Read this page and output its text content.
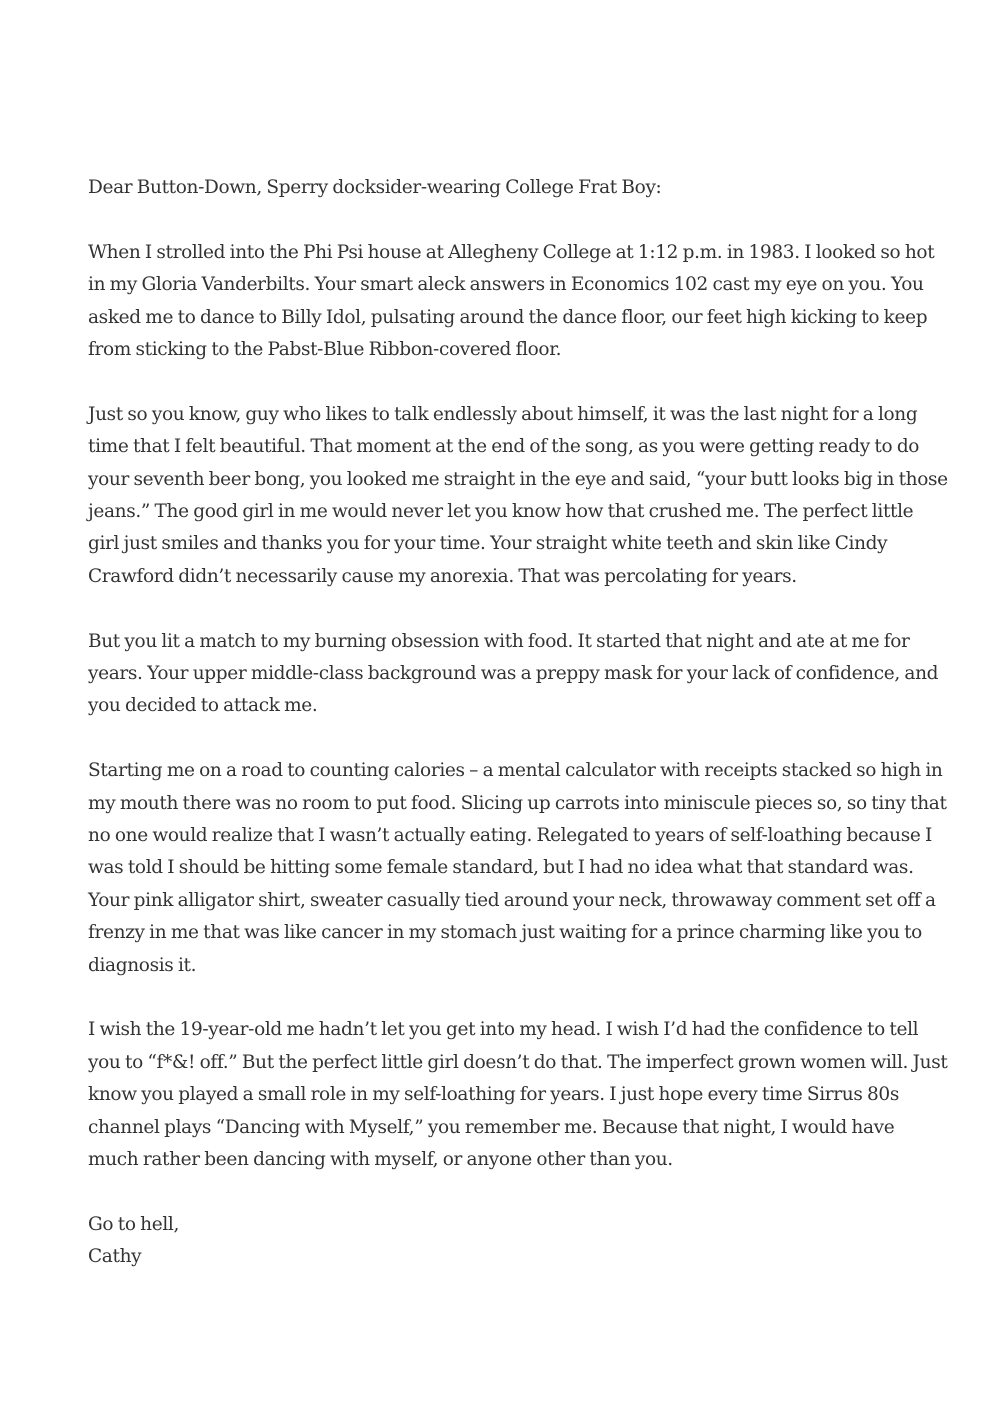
Dear Button-Down, Sperry docksider-wearing College Frat Boy:

When I strolled into the Phi Psi house at Allegheny College at 1:12 p.m. in 1983. I looked so hot in my Gloria Vanderbilts. Your smart aleck answers in Economics 102 cast my eye on you. You asked me to dance to Billy Idol, pulsating around the dance floor, our feet high kicking to keep from sticking to the Pabst-Blue Ribbon-covered floor.

Just so you know, guy who likes to talk endlessly about himself, it was the last night for a long time that I felt beautiful. That moment at the end of the song, as you were getting ready to do your seventh beer bong, you looked me straight in the eye and said, “your butt looks big in those jeans.” The good girl in me would never let you know how that crushed me. The perfect little girl just smiles and thanks you for your time. Your straight white teeth and skin like Cindy Crawford didn’t necessarily cause my anorexia. That was percolating for years.

But you lit a match to my burning obsession with food. It started that night and ate at me for years. Your upper middle-class background was a preppy mask for your lack of confidence, and you decided to attack me.

Starting me on a road to counting calories – a mental calculator with receipts stacked so high in my mouth there was no room to put food. Slicing up carrots into miniscule pieces so, so tiny that no one would realize that I wasn’t actually eating. Relegated to years of self-loathing because I was told I should be hitting some female standard, but I had no idea what that standard was. Your pink alligator shirt, sweater casually tied around your neck, throwaway comment set off a frenzy in me that was like cancer in my stomach just waiting for a prince charming like you to diagnosis it.

I wish the 19-year-old me hadn’t let you get into my head. I wish I’d had the confidence to tell you to “f*&! off.” But the perfect little girl doesn’t do that. The imperfect grown women will. Just know you played a small role in my self-loathing for years. I just hope every time Sirrus 80s channel plays “Dancing with Myself,” you remember me. Because that night, I would have much rather been dancing with myself, or anyone other than you.

Go to hell,

Cathy
